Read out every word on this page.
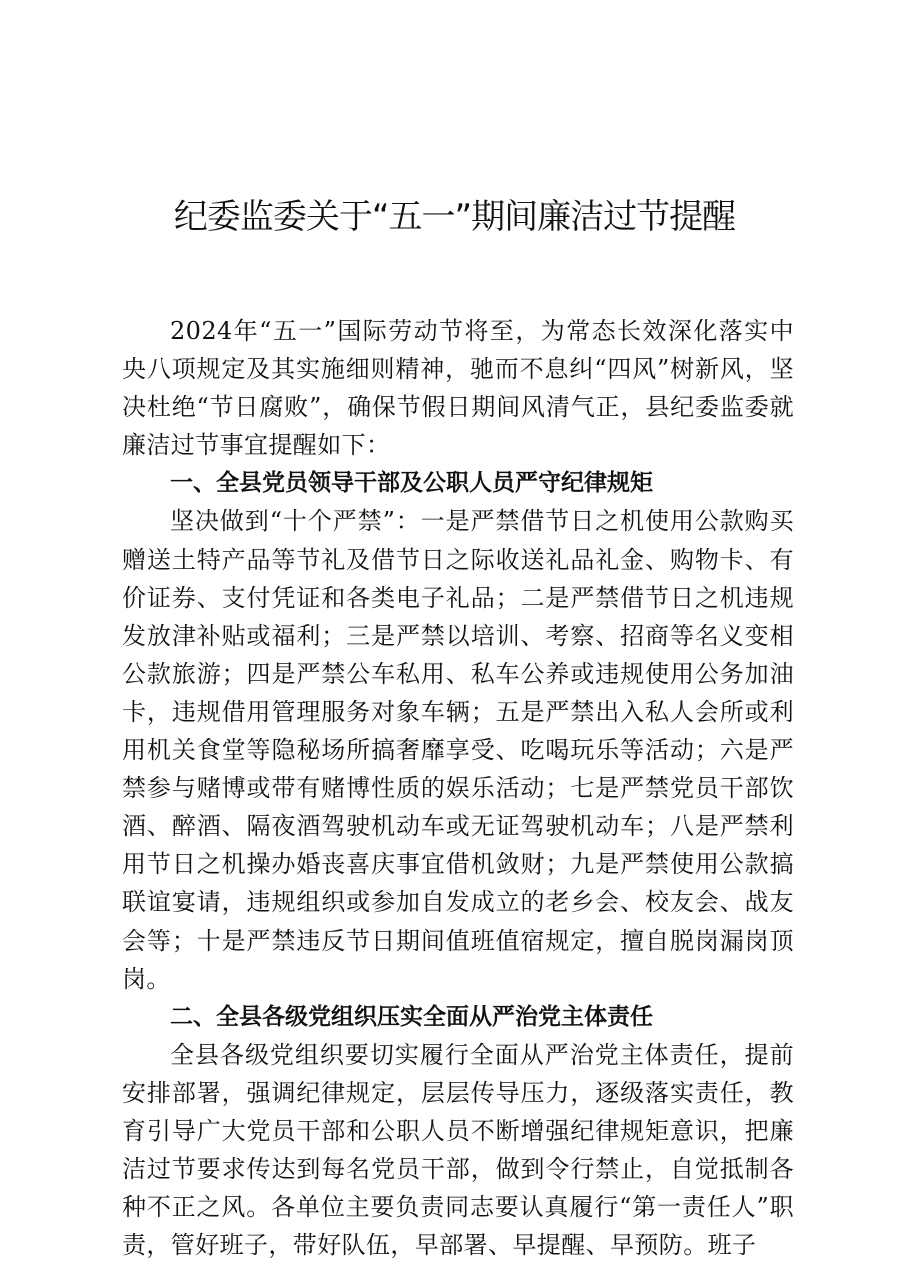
纪委监委关于“五一”期间廉洁过节提醒

2024年“五一”国际劳动节将至，为常态长效深化落实中央八项规定及其实施细则精神，驰而不息纠“四风”树新风，坚决杜绝“节日腐败”，确保节假日期间风清气正，县纪委监委就廉洁过节事宜提醒如下：

一、全县党员领导干部及公职人员严守纪律规矩

坚决做到“十个严禁”：一是严禁借节日之机使用公款购买赠送土特产品等节礼及借节日之际收送礼品礼金、购物卡、有价证券、支付凭证和各类电子礼品；二是严禁借节日之机违规发放津补贴或福利；三是严禁以培训、考察、招商等名义变相公款旅游；四是严禁公车私用、私车公养或违规使用公务加油卡，违规借用管理服务对象车辆；五是严禁出入私人会所或利用机关食堂等隐秘场所搞奢靡享受、吃喝玩乐等活动；六是严禁参与赌博或带有赌博性质的娱乐活动；七是严禁党员干部饮酒、醉酒、隔夜酒驾驶机动车或无证驾驶机动车；八是严禁利用节日之机操办婚丧喜庆事宜借机敛财；九是严禁使用公款搞联谊宴请，违规组织或参加自发成立的老乡会、校友会、战友会等；十是严禁违反节日期间值班值宿规定，擅自脱岗漏岗顶岗。

二、全县各级党组织压实全面从严治党主体责任

全县各级党组织要切实履行全面从严治党主体责任，提前安排部署，强调纪律规定，层层传导压力，逐级落实责任，教育引导广大党员干部和公职人员不断增强纪律规矩意识，把廉洁过节要求传达到每名党员干部，做到令行禁止，自觉抵制各种不正之风。各单位主要负责同志要认真履行“第一责任人”职责，管好班子，带好队伍，早部署、早提醒、早预防。班子
